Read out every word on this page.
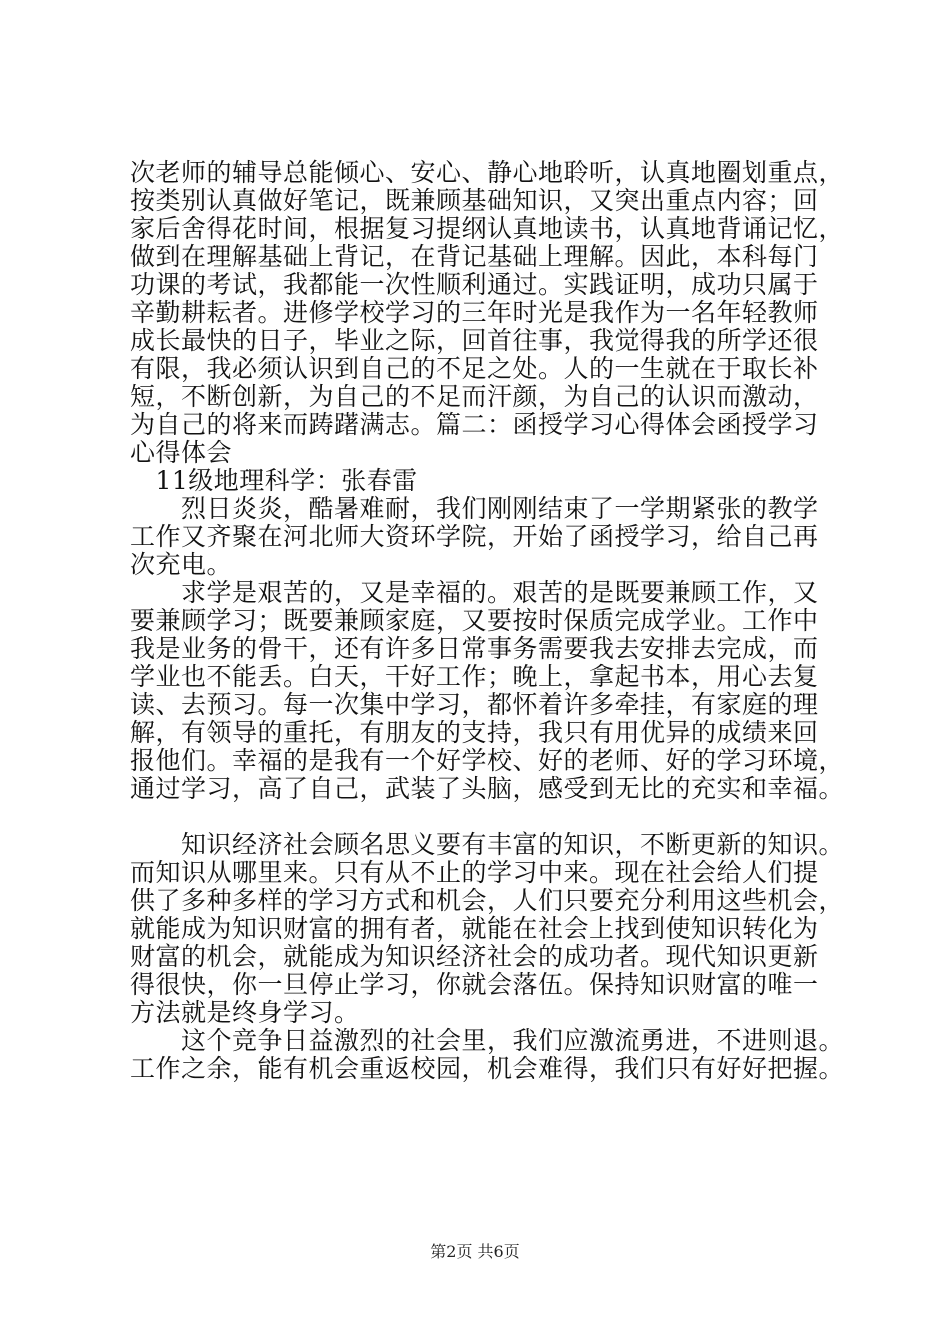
次老师的辅导总能倾心、安心、静心地聆听，认真地圈划重点，
按类别认真做好笔记，既兼顾基础知识，又突出重点内容；回
家后舍得花时间，根据复习提纲认真地读书，认真地背诵记忆，
做到在理解基础上背记，在背记基础上理解。因此，本科每门
功课的考试，我都能一次性顺利通过。实践证明，成功只属于
辛勤耕耘者。进修学校学习的三年时光是我作为一名年轻教师
成长最快的日子，毕业之际，回首往事，我觉得我的所学还很
有限，我必须认识到自己的不足之处。人的一生就在于取长补
短，不断创新，为自己的不足而汗颜，为自己的认识而激动，
为自己的将来而踌躇满志。篇二：函授学习心得体会函授学习
心得体会
　11级地理科学：张春雷
　　烈日炎炎，酷暑难耐，我们刚刚结束了一学期紧张的教学
工作又齐聚在河北师大资环学院，开始了函授学习，给自己再
次充电。
　　求学是艰苦的，又是幸福的。艰苦的是既要兼顾工作，又
要兼顾学习；既要兼顾家庭，又要按时保质完成学业。工作中
我是业务的骨干，还有许多日常事务需要我去安排去完成，而
学业也不能丢。白天，干好工作；晚上，拿起书本，用心去复
读、去预习。每一次集中学习，都怀着许多牵挂，有家庭的理
解，有领导的重托，有朋友的支持，我只有用优异的成绩来回
报他们。幸福的是我有一个好学校、好的老师、好的学习环境，
通过学习，高了自己，武装了头脑，感受到无比的充实和幸福。
　　知识经济社会顾名思义要有丰富的知识，不断更新的知识。
而知识从哪里来。只有从不止的学习中来。现在社会给人们提
供了多种多样的学习方式和机会，人们只要充分利用这些机会，
就能成为知识财富的拥有者，就能在社会上找到使知识转化为
财富的机会，就能成为知识经济社会的成功者。现代知识更新
得很快，你一旦停止学习，你就会落伍。保持知识财富的唯一
方法就是终身学习。
　　这个竞争日益激烈的社会里，我们应激流勇进，不进则退。
工作之余，能有机会重返校园，机会难得，我们只有好好把握。
第2页 共6页
